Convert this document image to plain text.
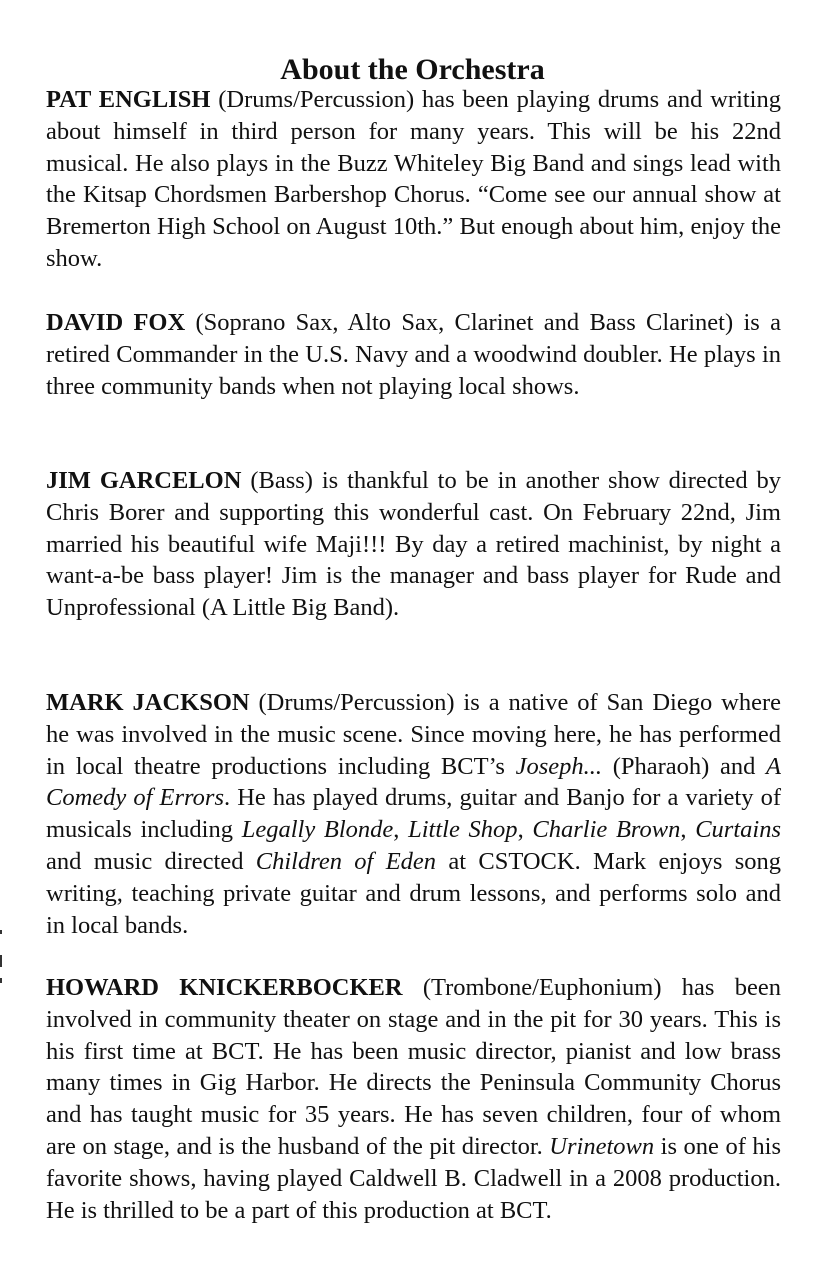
About the Orchestra

PAT ENGLISH (Drums/Percussion) has been playing drums and writing about himself in third person for many years. This will be his 22nd musical. He also plays in the Buzz Whiteley Big Band and sings lead with the Kitsap Chordsmen Barbershop Chorus. “Come see our annual show at Bremerton High School on August 10th.” But enough about him, enjoy the show.

DAVID FOX (Soprano Sax, Alto Sax, Clarinet and Bass Clarinet) is a retired Commander in the U.S. Navy and a woodwind doubler. He plays in three community bands when not playing local shows.

JIM GARCELON (Bass) is thankful to be in another show directed by Chris Borer and supporting this wonderful cast. On February 22nd, Jim married his beautiful wife Maji!!! By day a retired machinist, by night a want-a-be bass player! Jim is the manager and bass player for Rude and Unprofessional (A Little Big Band).

MARK JACKSON (Drums/Percussion) is a native of San Diego where he was involved in the music scene. Since moving here, he has performed in local theatre productions including BCT’s Joseph... (Pharaoh) and A Comedy of Errors. He has played drums, guitar and Banjo for a variety of musicals including Legally Blonde, Little Shop, Charlie Brown, Curtains and music directed Children of Eden at CSTOCK. Mark enjoys song writing, teaching private guitar and drum lessons, and performs solo and in local bands.

HOWARD KNICKERBOCKER (Trombone/Euphonium) has been involved in community theater on stage and in the pit for 30 years. This is his first time at BCT. He has been music director, pianist and low brass many times in Gig Harbor. He directs the Peninsula Community Chorus and has taught music for 35 years. He has seven children, four of whom are on stage, and is the husband of the pit director. Urinetown is one of his favorite shows, having played Caldwell B. Cladwell in a 2008 production. He is thrilled to be a part of this production at BCT.
